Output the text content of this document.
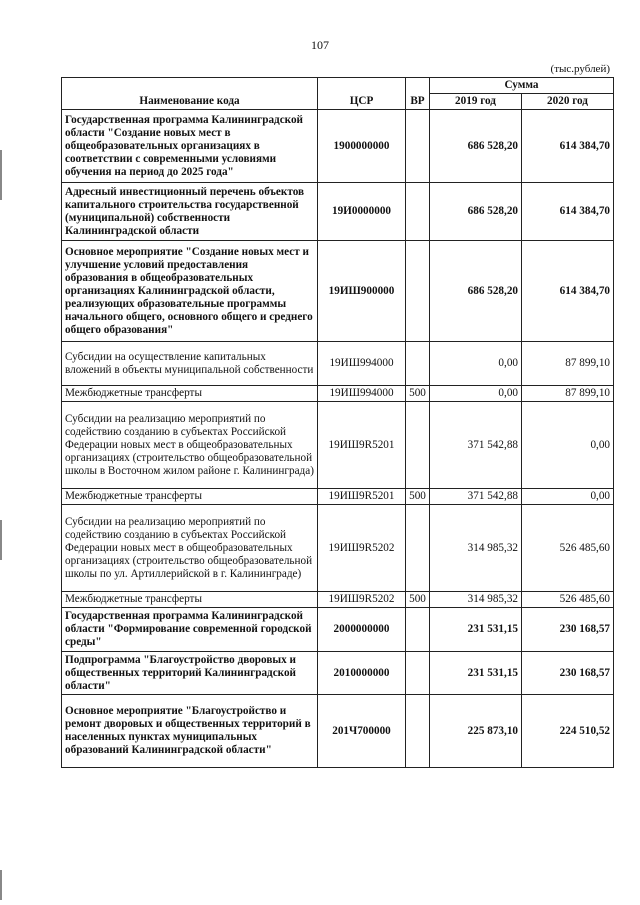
107
(тыс.рублей)
Наименование кода	ЦСР	ВР	Сумма	
			2019 год	2020 год
Государственная программа Калининградской области "Создание новых мест в общеобразовательных организациях в соответствии с современными условиями обучения на период до 2025 года"	1900000000		686 528,20	614 384,70
Адресный инвестиционный перечень объектов капитального строительства государственной (муниципальной) собственности Калининградской области	19И0000000		686 528,20	614 384,70
Основное мероприятие "Создание новых мест и улучшение условий предоставления образования в общеобразовательных организациях Калининградской области, реализующих образовательные программы начального общего, основного общего и среднего общего образования"	19ИШ900000		686 528,20	614 384,70
Субсидии на осуществление капитальных вложений в объекты муниципальной собственности	19ИШ994000		0,00	87 899,10
Межбюджетные трансферты	19ИШ994000	500	0,00	87 899,10
Субсидии на реализацию мероприятий по содействию созданию в субъектах Российской Федерации новых мест в общеобразовательных организациях (строительство общеобразовательной школы в Восточном жилом районе г. Калининграда)	19ИШ9R5201		371 542,88	0,00
Межбюджетные трансферты	19ИШ9R5201	500	371 542,88	0,00
Субсидии на реализацию мероприятий по содействию созданию в субъектах Российской Федерации новых мест в общеобразовательных организациях (строительство общеобразовательной школы по ул. Артиллерийской в г. Калининграде)	19ИШ9R5202		314 985,32	526 485,60
Межбюджетные трансферты	19ИШ9R5202	500	314 985,32	526 485,60
Государственная программа Калининградской области "Формирование современной городской среды"	2000000000		231 531,15	230 168,57
Подпрограмма "Благоустройство дворовых и общественных территорий Калининградской области"	2010000000		231 531,15	230 168,57
Основное мероприятие "Благоустройство и ремонт дворовых и общественных территорий в населенных пунктах муниципальных образований Калининградской области"	201Ч700000		225 873,10	224 510,52
